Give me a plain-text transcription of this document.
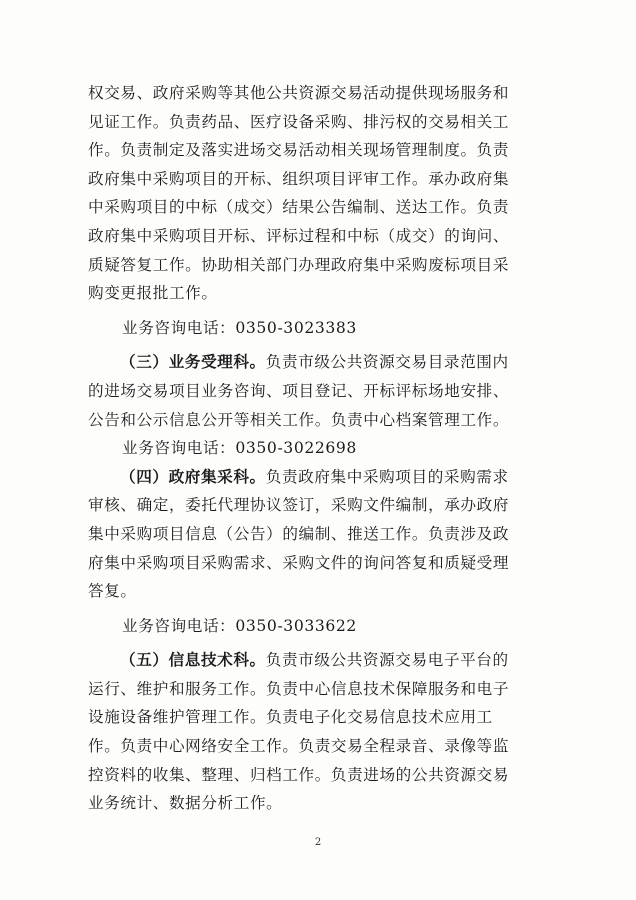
权交易、政府采购等其他公共资源交易活动提供现场服务和
见证工作。负责药品、医疗设备采购、排污权的交易相关工
作。负责制定及落实进场交易活动相关现场管理制度。负责
政府集中采购项目的开标、组织项目评审工作。承办政府集
中采购项目的中标（成交）结果公告编制、送达工作。负责
政府集中采购项目开标、评标过程和中标（成交）的询问、
质疑答复工作。协助相关部门办理政府集中采购废标项目采
购变更报批工作。
业务咨询电话：0350-3023383
（三）业务受理科。负责市级公共资源交易目录范围内
的进场交易项目业务咨询、项目登记、开标评标场地安排、
公告和公示信息公开等相关工作。负责中心档案管理工作。
业务咨询电话：0350-3022698
（四）政府集采科。负责政府集中采购项目的采购需求
审核、确定，委托代理协议签订，采购文件编制，承办政府
集中采购项目信息（公告）的编制、推送工作。负责涉及政
府集中采购项目采购需求、采购文件的询问答复和质疑受理
答复。
业务咨询电话：0350-3033622
（五）信息技术科。负责市级公共资源交易电子平台的
运行、维护和服务工作。负责中心信息技术保障服务和电子
设施设备维护管理工作。负责电子化交易信息技术应用工
作。负责中心网络安全工作。负责交易全程录音、录像等监
控资料的收集、整理、归档工作。负责进场的公共资源交易
业务统计、数据分析工作。
2
